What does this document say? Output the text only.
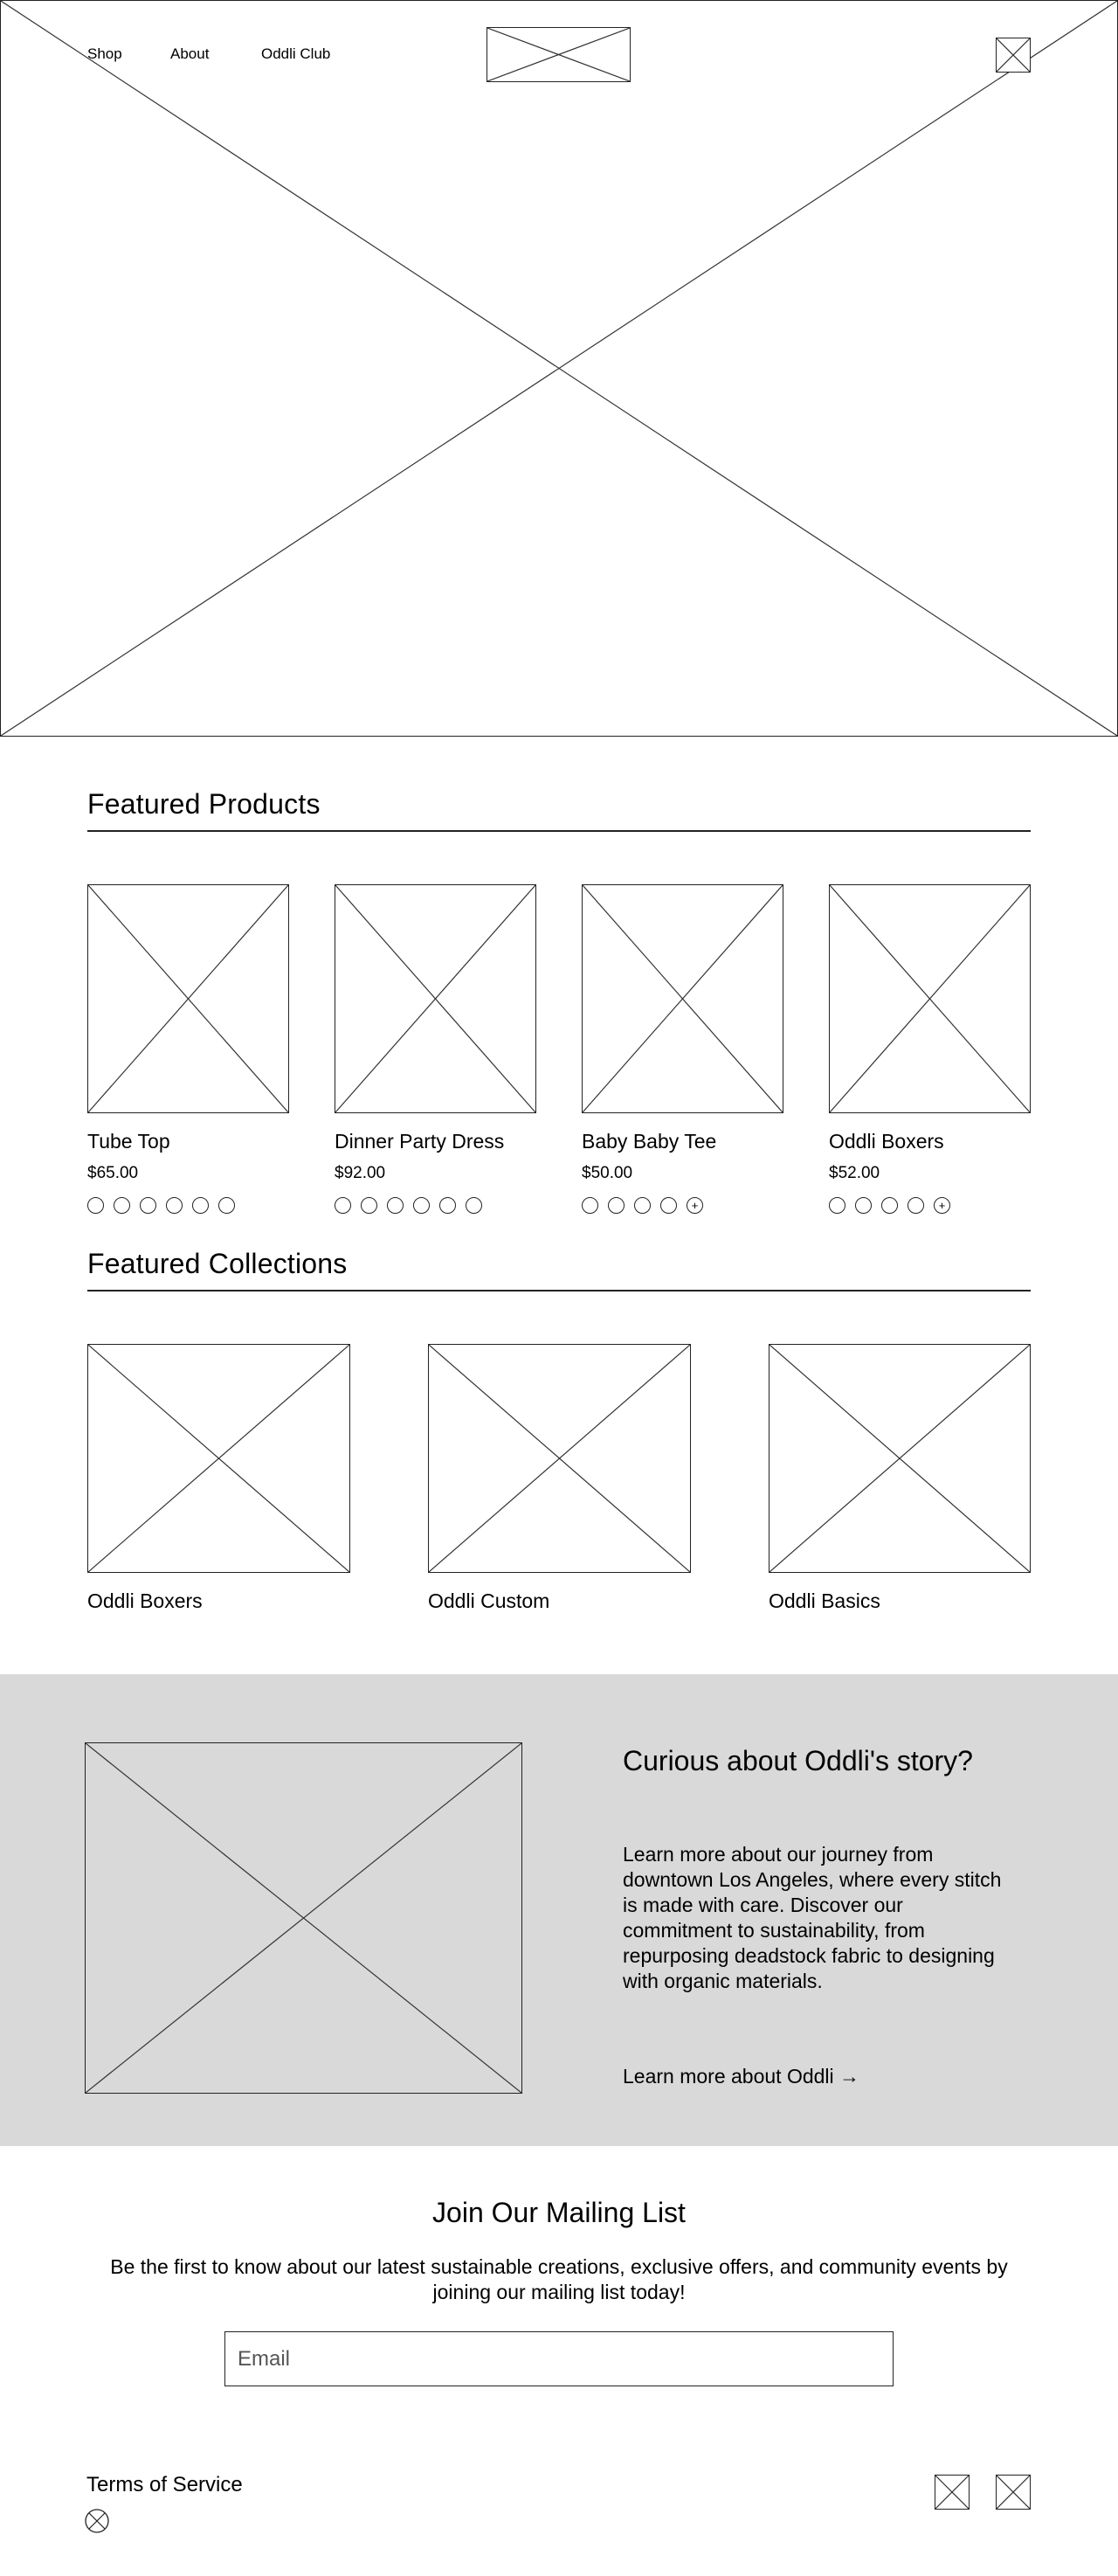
Shop	About	Oddli Club
Featured Products
Tube Top
$65.00
Dinner Party Dress
$92.00
Baby Baby Tee
$50.00
+
Oddli Boxers
$52.00
+
Featured Collections
Oddli Boxers	Oddli Custom	Oddli Basics
Curious about Oddli's story?
Learn more about our journey from downtown Los Angeles, where every stitch is made with care. Discover our commitment to sustainability, from repurposing deadstock fabric to designing with organic materials.
Learn more about Oddli →
Join Our Mailing List
Be the first to know about our latest sustainable creations, exclusive offers, and community events by joining our mailing list today!
Email
Terms of Service
